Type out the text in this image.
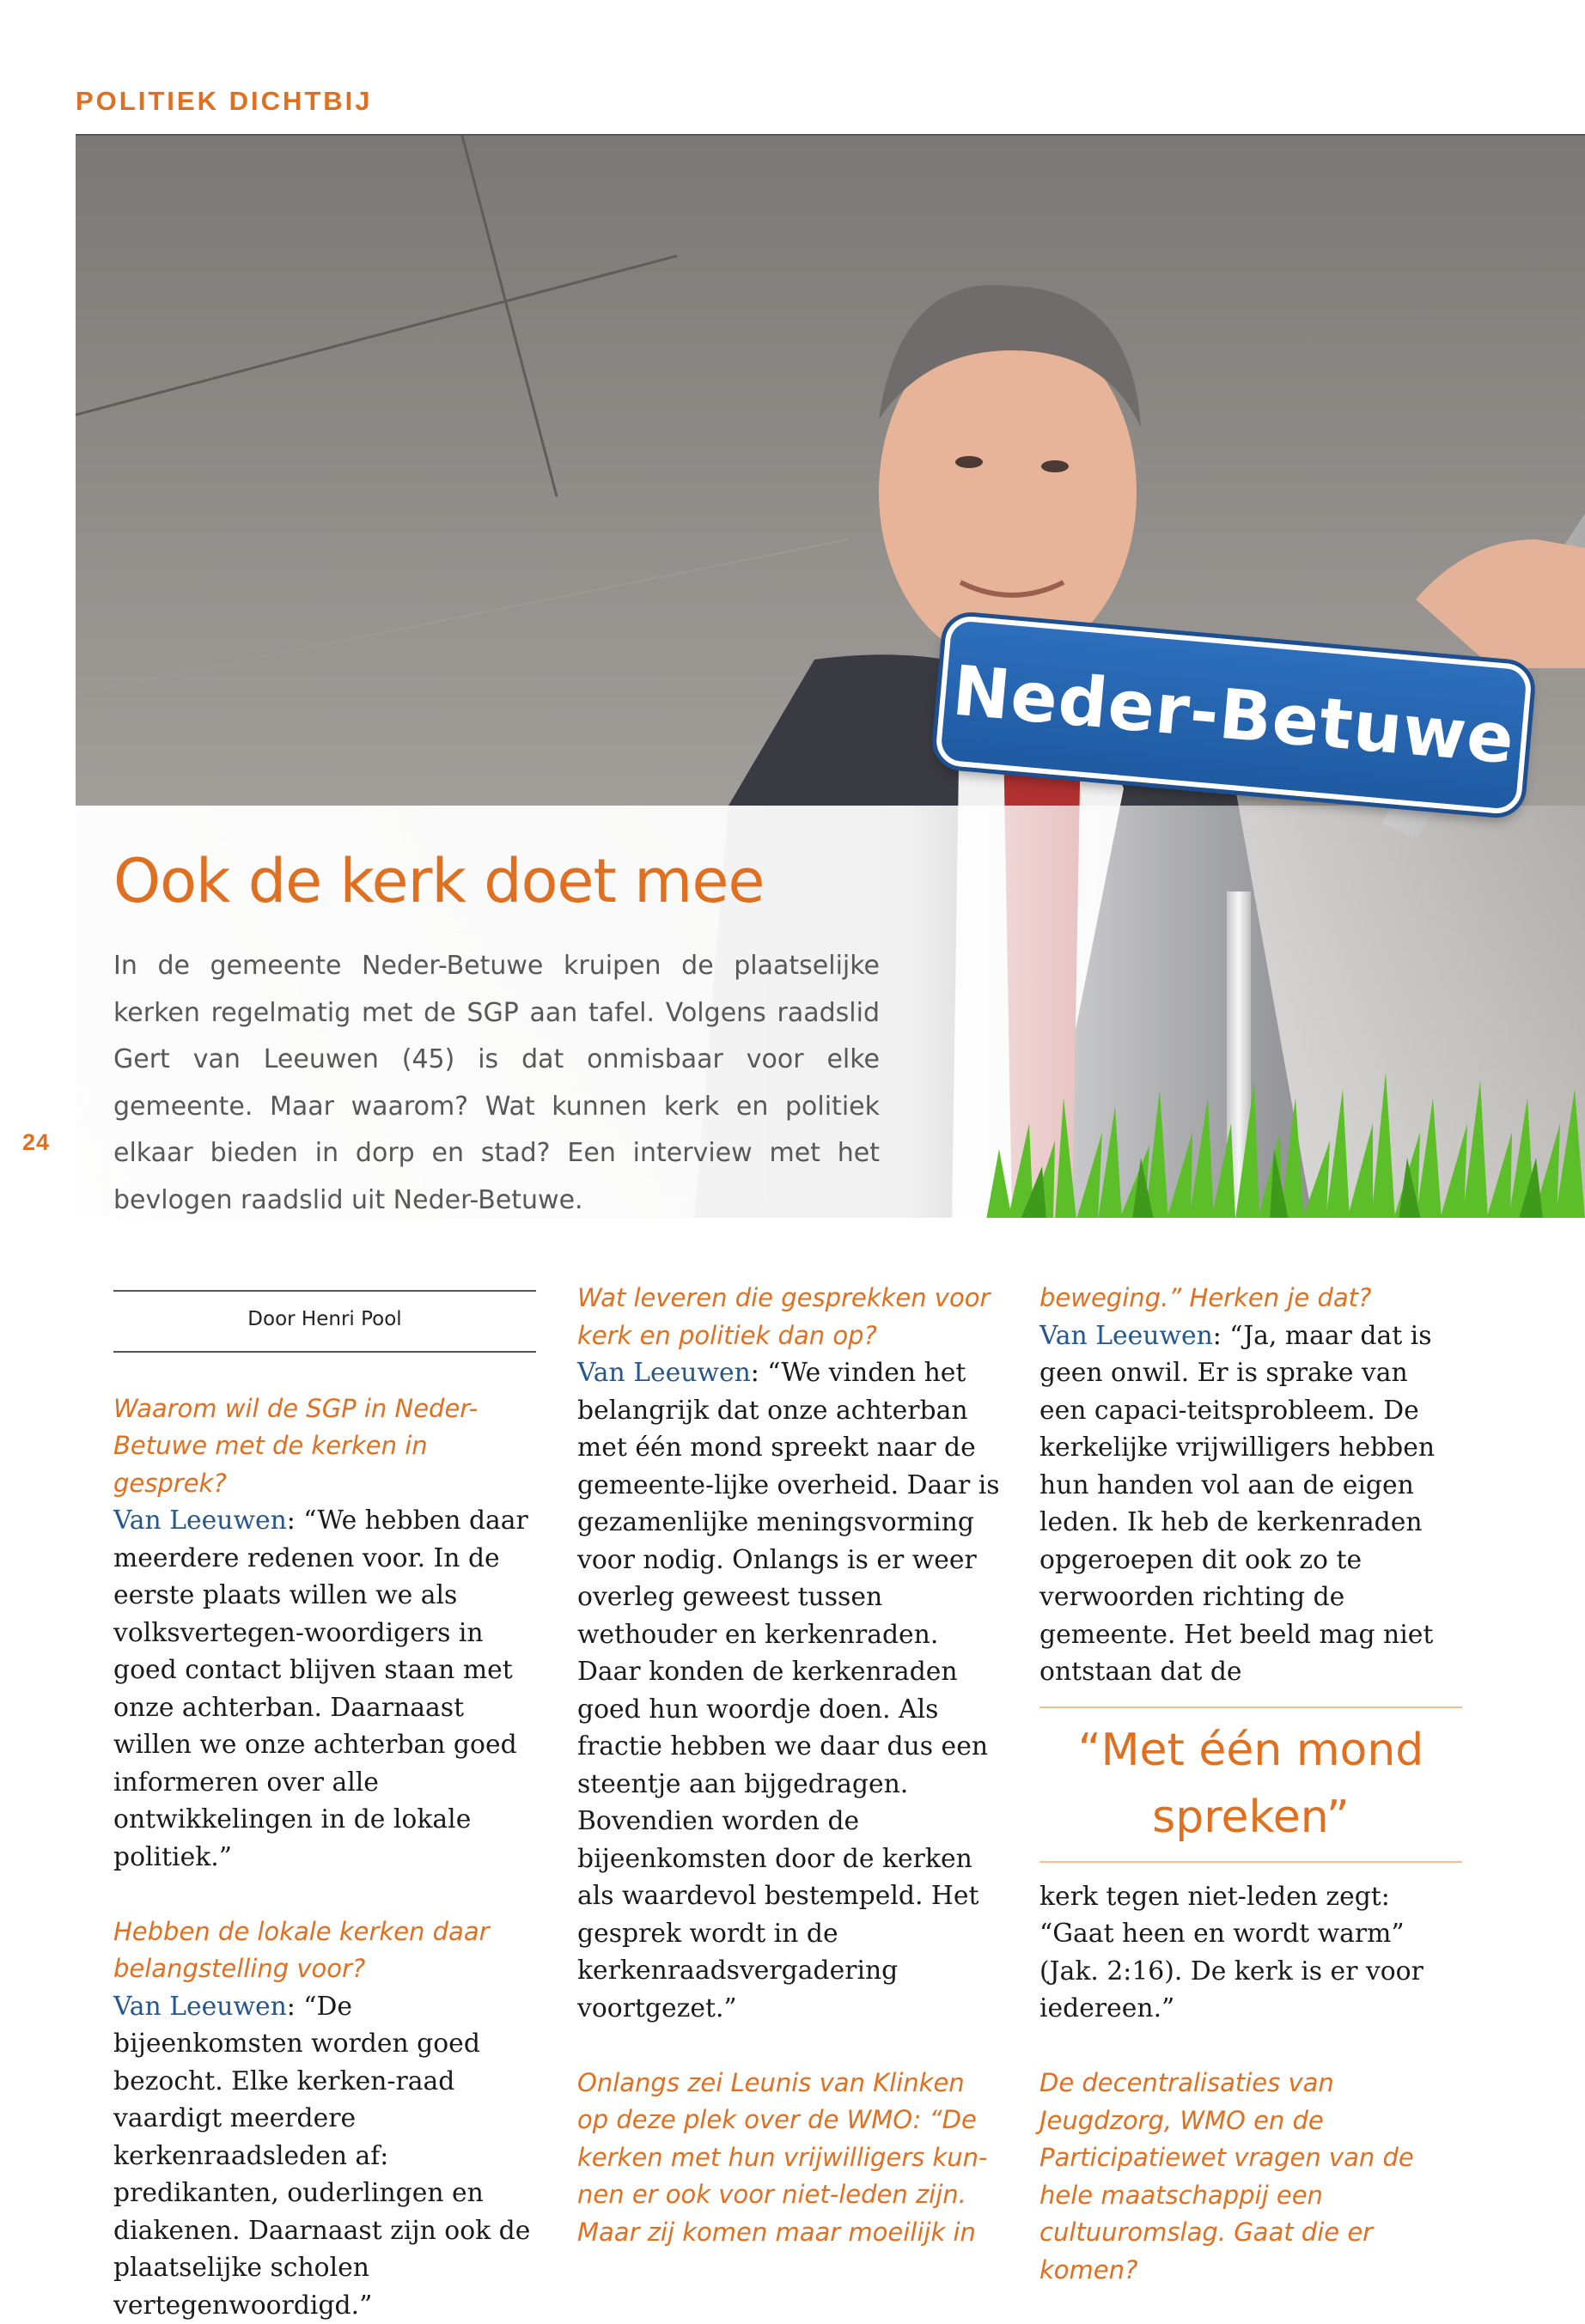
POLITIEK DICHTBIJ
Neder-Betuwe
Ook de kerk doet mee

In de gemeente Neder-Betuwe kruipen de plaatselijke kerken regelmatig met de SGP aan tafel. Volgens raadslid Gert van Leeuwen (45) is dat onmisbaar voor elke gemeente. Maar waarom? Wat kunnen kerk en politiek elkaar bieden in dorp en stad? Een interview met het bevlogen raadslid uit Neder-Betuwe.

24
Door Henri Pool

Waarom wil de SGP in Neder-Betuwe met de kerken in gesprek?

Van Leeuwen: “We hebben daar meerdere redenen voor. In de eerste plaats willen we als volksvertegen-woordigers in goed contact blijven staan met onze achterban. Daarnaast willen we onze achterban goed informeren over alle ontwikkelingen in de lokale politiek.”

Hebben de lokale kerken daar belangstelling voor?

Van Leeuwen: “De bijeenkomsten worden goed bezocht. Elke kerken-raad vaardigt meerdere kerkenraadsleden af: predikanten, ouderlingen en diakenen. Daarnaast zijn ook de plaatselijke scholen vertegenwoordigd.”

Wat leveren die gesprekken voor kerk en politiek dan op?

Van Leeuwen: “We vinden het belangrijk dat onze achterban met één mond spreekt naar de gemeente-lijke overheid. Daar is gezamenlijke meningsvorming voor nodig. Onlangs is er weer overleg geweest tussen wethouder en kerkenraden. Daar konden de kerkenraden goed hun woordje doen. Als fractie hebben we daar dus een steentje aan bijgedragen. Bovendien worden de bijeenkomsten door de kerken als waardevol bestempeld. Het gesprek wordt in de kerkenraadsvergadering voortgezet.”

Onlangs zei Leunis van Klinken op deze plek over de WMO: “De kerken met hun vrijwilligers kun-nen er ook voor niet-leden zijn. Maar zij komen maar moeilijk in

beweging.” Herken je dat?

Van Leeuwen: “Ja, maar dat is geen onwil. Er is sprake van een capaci-teitsprobleem. De kerkelijke vrijwilligers hebben hun handen vol aan de eigen leden. Ik heb de kerkenraden opgeroepen dit ook zo te verwoorden richting de gemeente. Het beeld mag niet ontstaan dat de

“Met één mond spreken”

kerk tegen niet-leden zegt: “Gaat heen en wordt warm” (Jak. 2:16). De kerk is er voor iedereen.”

De decentralisaties van Jeugdzorg, WMO en de Participatiewet vragen van de hele maatschappij een cultuuromslag. Gaat die er komen?
